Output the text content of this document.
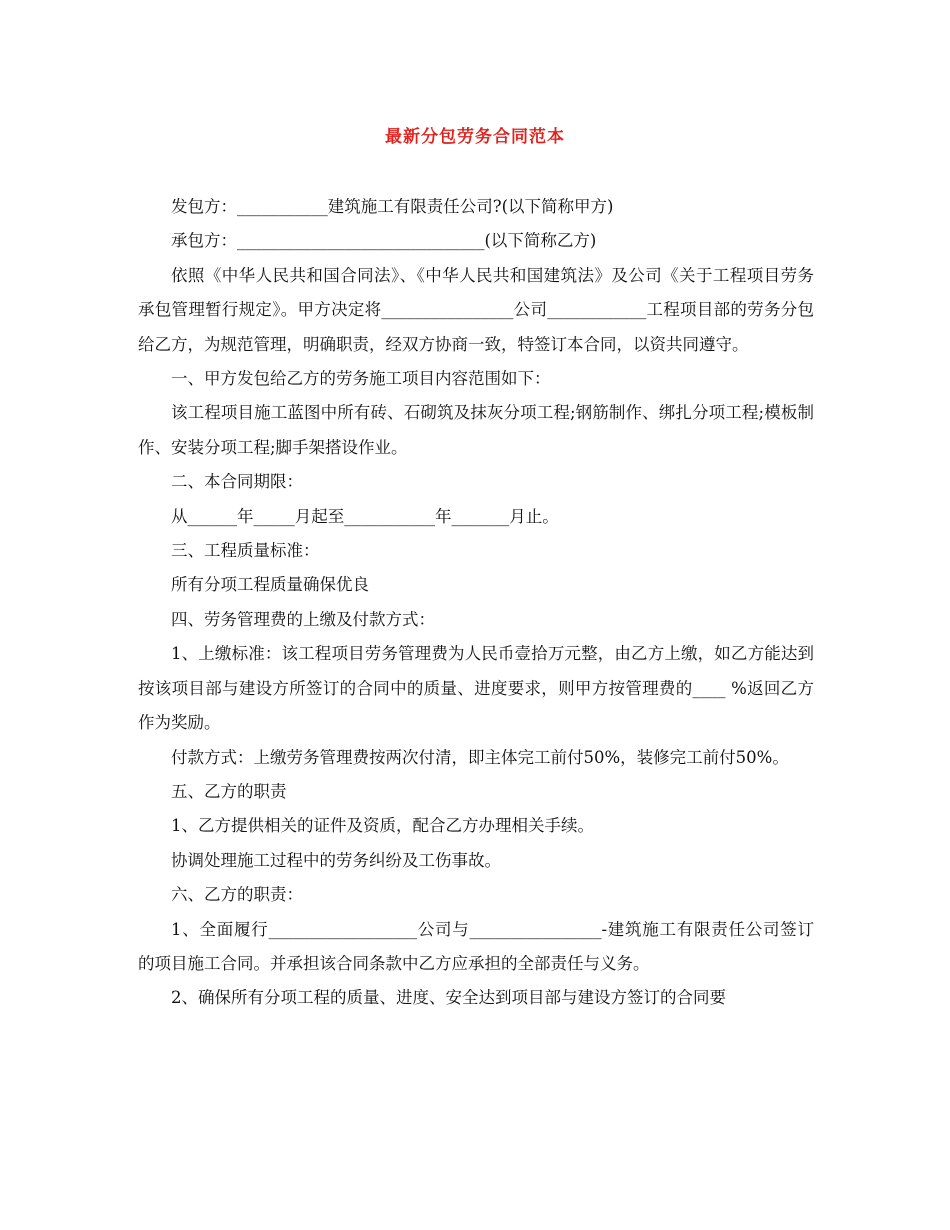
最新分包劳务合同范本

发包方：___________建筑施工有限责任公司?(以下简称甲方)

承包方：______________________________(以下简称乙方)

依照《中华人民共和国合同法》、《中华人民共和国建筑法》及公司《关于工程项目劳务承包管理暂行规定》。甲方决定将________________公司____________工程项目部的劳务分包给乙方，为规范管理，明确职责，经双方协商一致，特签订本合同，以资共同遵守。

一、甲方发包给乙方的劳务施工项目内容范围如下：

该工程项目施工蓝图中所有砖、石砌筑及抹灰分项工程;钢筋制作、绑扎分项工程;模板制作、安装分项工程;脚手架搭设作业。

二、本合同期限：

从______年_____月起至___________年_______月止。

三、工程质量标准：

所有分项工程质量确保优良

四、劳务管理费的上缴及付款方式：

1、上缴标准：该工程项目劳务管理费为人民币壹拾万元整，由乙方上缴，如乙方能达到按该项目部与建设方所签订的合同中的质量、进度要求，则甲方按管理费的____ %返回乙方作为奖励。

付款方式：上缴劳务管理费按两次付清，即主体完工前付50%，装修完工前付50%。

五、乙方的职责

1、乙方提供相关的证件及资质，配合乙方办理相关手续。

协调处理施工过程中的劳务纠纷及工伤事故。

六、乙方的职责：

1、全面履行__________________公司与________________-建筑施工有限责任公司签订的项目施工合同。并承担该合同条款中乙方应承担的全部责任与义务。

2、确保所有分项工程的质量、进度、安全达到项目部与建设方签订的合同要
